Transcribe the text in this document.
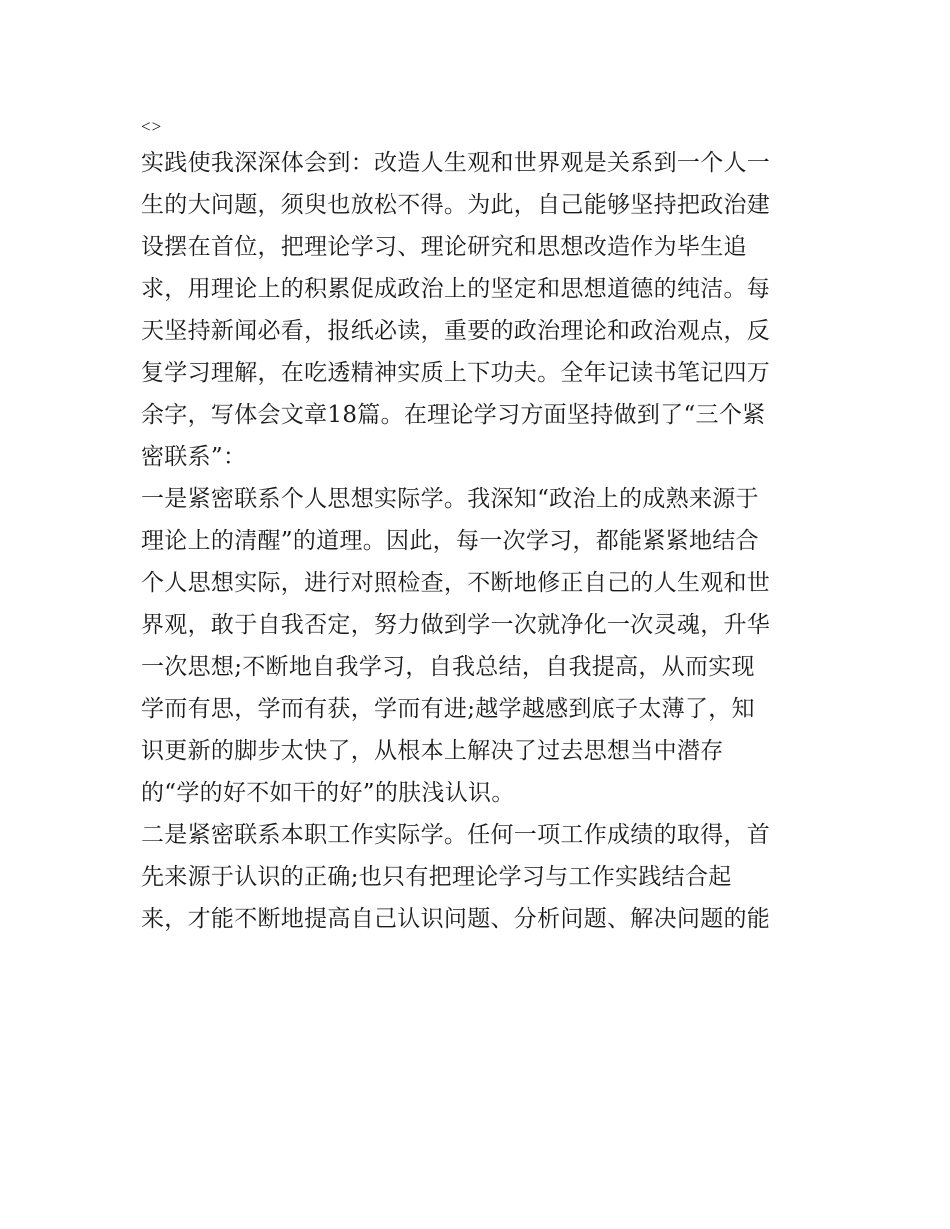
<>

实践使我深深体会到：改造人生观和世界观是关系到一个人一

生的大问题，须臾也放松不得。为此，自己能够坚持把政治建

设摆在首位，把理论学习、理论研究和思想改造作为毕生追

求，用理论上的积累促成政治上的坚定和思想道德的纯洁。每

天坚持新闻必看，报纸必读，重要的政治理论和政治观点，反

复学习理解，在吃透精神实质上下功夫。全年记读书笔记四万

余字，写体会文章18篇。在理论学习方面坚持做到了“三个紧

密联系”：

一是紧密联系个人思想实际学。我深知“政治上的成熟来源于

理论上的清醒”的道理。因此，每一次学习，都能紧紧地结合

个人思想实际，进行对照检查，不断地修正自己的人生观和世

界观，敢于自我否定，努力做到学一次就净化一次灵魂，升华

一次思想;不断地自我学习，自我总结，自我提高，从而实现

学而有思，学而有获，学而有进;越学越感到底子太薄了，知

识更新的脚步太快了，从根本上解决了过去思想当中潜存

的“学的好不如干的好”的肤浅认识。

二是紧密联系本职工作实际学。任何一项工作成绩的取得，首

先来源于认识的正确;也只有把理论学习与工作实践结合起

来，才能不断地提高自己认识问题、分析问题、解决问题的能
